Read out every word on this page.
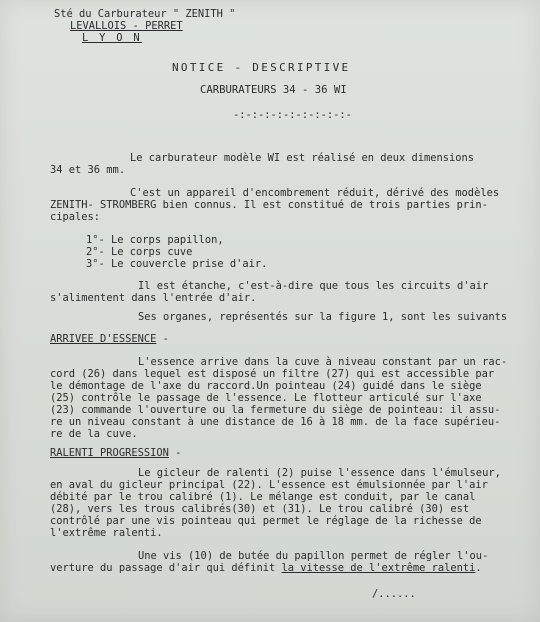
Sté du Carburateur " ZENITH "
LEVALLOIS - PERRET
L Y O N
NOTICE - DESCRIPTIVE
CARBURATEURS 34 - 36 WI
-:-:-:-:-:-:-:-:-:-
Le carburateur modèle WI est réalisé en deux dimensions
34 et 36 mm.
C'est un appareil d'encombrement réduit, dérivé des modèles
ZENITH- STROMBERG bien connus. Il est constitué de trois parties prin-
cipales:
1°- Le corps papillon,
2°- Le corps cuve
3°- Le couvercle prise d'air.
Il est étanche, c'est-à-dire que tous les circuits d'air
s'alimentent dans l'entrée d'air.
Ses organes, représentés sur la figure 1, sont les suivants
ARRIVEE D'ESSENCE -
L'essence arrive dans la cuve à niveau constant par un rac-
cord (26) dans lequel est disposé un filtre (27) qui est accessible par
le démontage de l'axe du raccord.Un pointeau (24) guidé dans le siège
(25) contrôle le passage de l'essence. Le flotteur articulé sur l'axe
(23) commande l'ouverture ou la fermeture du siège de pointeau: il assu-
re un niveau constant à une distance de 16 à 18 mm. de la face supérieu-
re de la cuve.
RALENTI PROGRESSION -
Le gicleur de ralenti (2) puise l'essence dans l'émulseur,
en aval du gicleur principal (22). L'essence est émulsionnée par l'air
débité par le trou calibré (1). Le mélange est conduit, par le canal
(28), vers les trous calibrés(30) et (31). Le trou calibré (30) est
contrôlé par une vis pointeau qui permet le réglage de la richesse de
l'extrême ralenti.
Une vis (10) de butée du papillon permet de régler l'ou-
verture du passage d'air qui définit la vitesse de l'extrême ralenti.
/......
